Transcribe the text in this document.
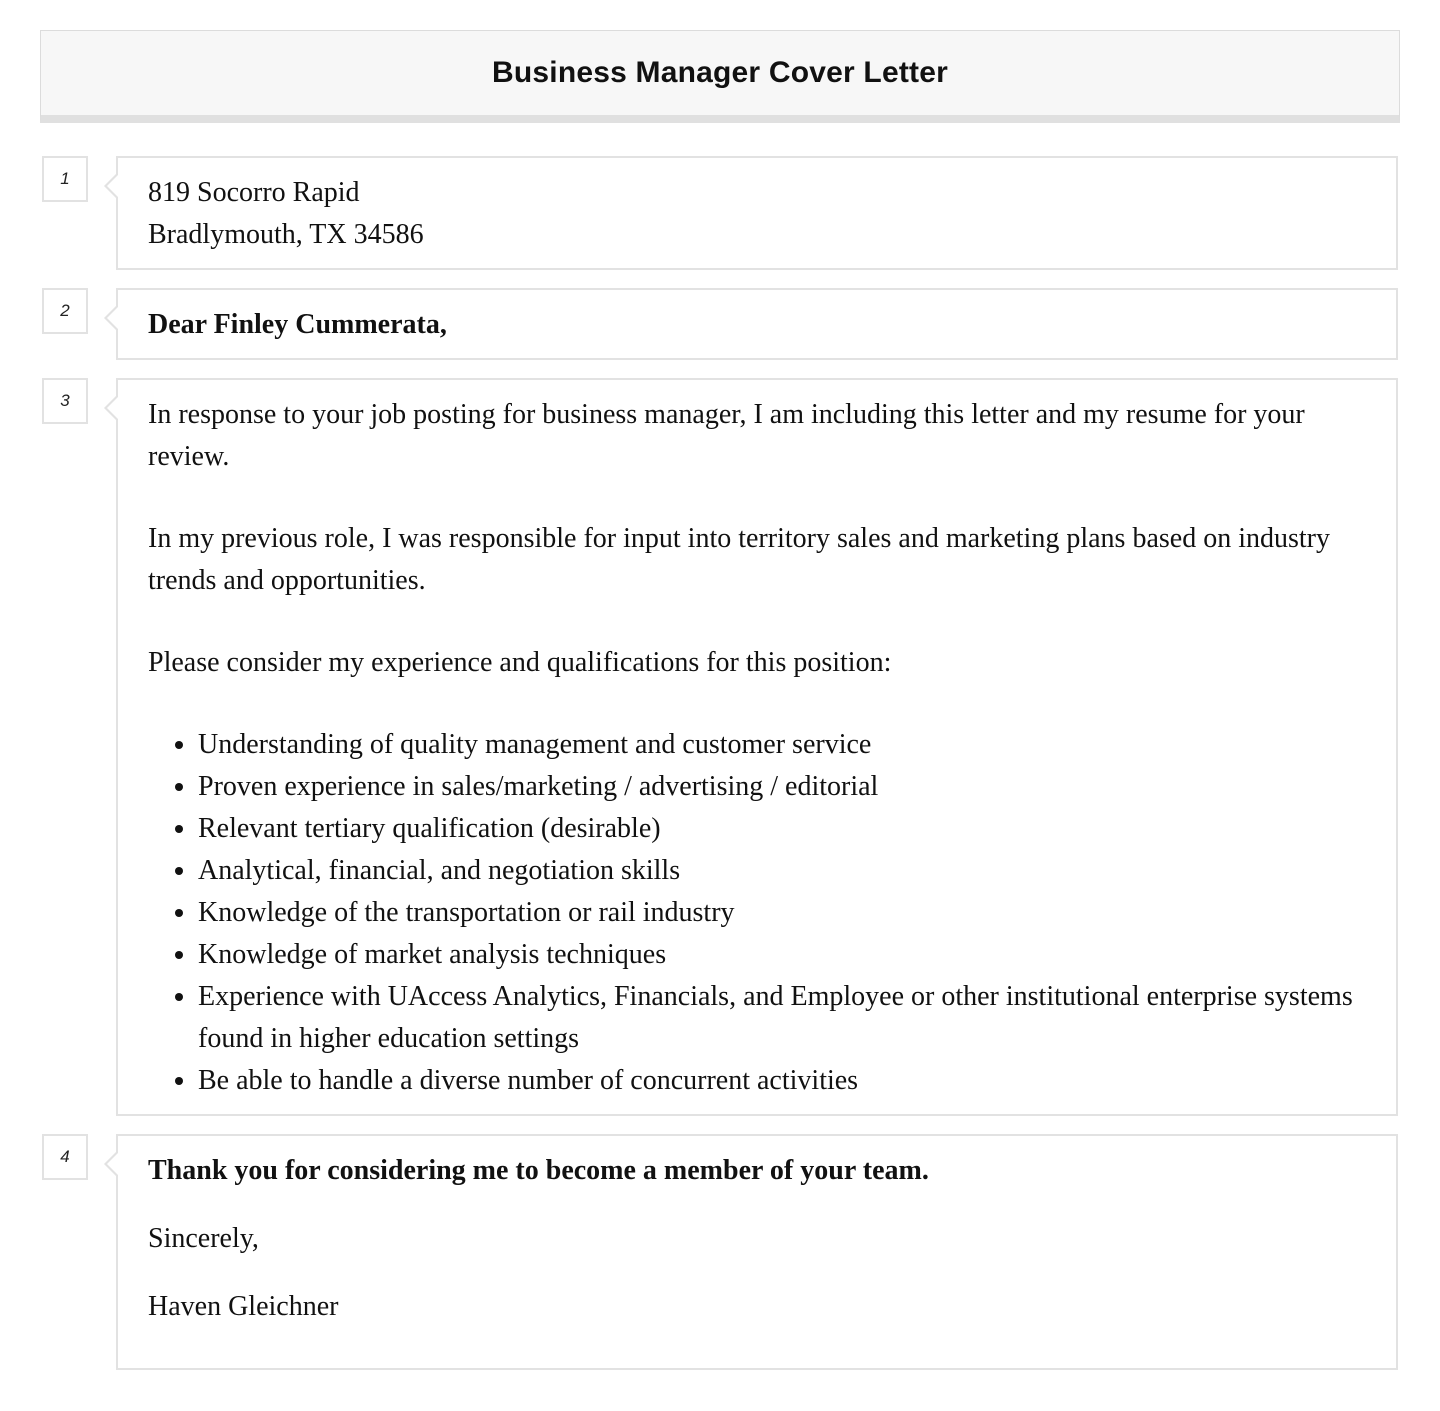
Business Manager Cover Letter
1	819 Socorro Rapid
Bradlymouth, TX 34586
2	Dear Finley Cummerata,
3	In response to your job posting for business manager, I am including this letter and my resume for your review.

In my previous role, I was responsible for input into territory sales and marketing plans based on industry trends and opportunities.

Please consider my experience and qualifications for this position:

• Understanding of quality management and customer service
• Proven experience in sales/marketing / advertising / editorial
• Relevant tertiary qualification (desirable)
• Analytical, financial, and negotiation skills
• Knowledge of the transportation or rail industry
• Knowledge of market analysis techniques
• Experience with UAccess Analytics, Financials, and Employee or other institutional enterprise systems found in higher education settings
• Be able to handle a diverse number of concurrent activities
4	Thank you for considering me to become a member of your team.

Sincerely,

Haven Gleichner
